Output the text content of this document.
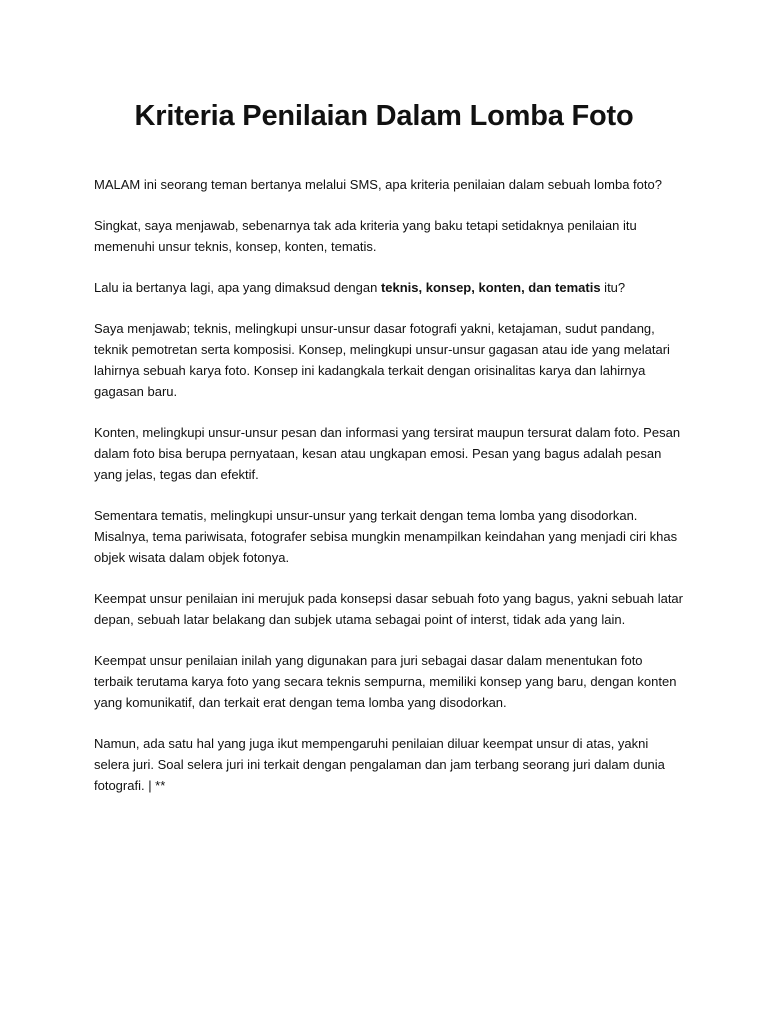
Kriteria Penilaian Dalam Lomba Foto

MALAM ini seorang teman bertanya melalui SMS, apa kriteria penilaian dalam sebuah lomba foto?

Singkat, saya menjawab, sebenarnya tak ada kriteria yang baku tetapi setidaknya penilaian itu memenuhi unsur teknis, konsep, konten, tematis.

Lalu ia bertanya lagi, apa yang dimaksud dengan teknis, konsep, konten, dan tematis itu?

Saya menjawab; teknis, melingkupi unsur-unsur dasar fotografi yakni, ketajaman, sudut pandang, teknik pemotretan serta komposisi. Konsep, melingkupi unsur-unsur gagasan atau ide yang melatari lahirnya sebuah karya foto. Konsep ini kadangkala terkait dengan orisinalitas karya dan lahirnya gagasan baru.

Konten, melingkupi unsur-unsur pesan dan informasi yang tersirat maupun tersurat dalam foto. Pesan dalam foto bisa berupa pernyataan, kesan atau ungkapan emosi. Pesan yang bagus adalah pesan yang jelas, tegas dan efektif.

Sementara tematis, melingkupi unsur-unsur yang terkait dengan tema lomba yang disodorkan. Misalnya, tema pariwisata, fotografer sebisa mungkin menampilkan keindahan yang menjadi ciri khas objek wisata dalam objek fotonya.

Keempat unsur penilaian ini merujuk pada konsepsi dasar sebuah foto yang bagus, yakni sebuah latar depan, sebuah latar belakang dan subjek utama sebagai point of interst, tidak ada yang lain.

Keempat unsur penilaian inilah yang digunakan para juri sebagai dasar dalam menentukan foto terbaik terutama karya foto yang secara teknis sempurna, memiliki konsep yang baru, dengan konten yang komunikatif, dan terkait erat dengan tema lomba yang disodorkan.

Namun, ada satu hal yang juga ikut mempengaruhi penilaian diluar keempat unsur di atas, yakni selera juri. Soal selera juri ini terkait dengan pengalaman dan jam terbang seorang juri dalam dunia fotografi. | **
